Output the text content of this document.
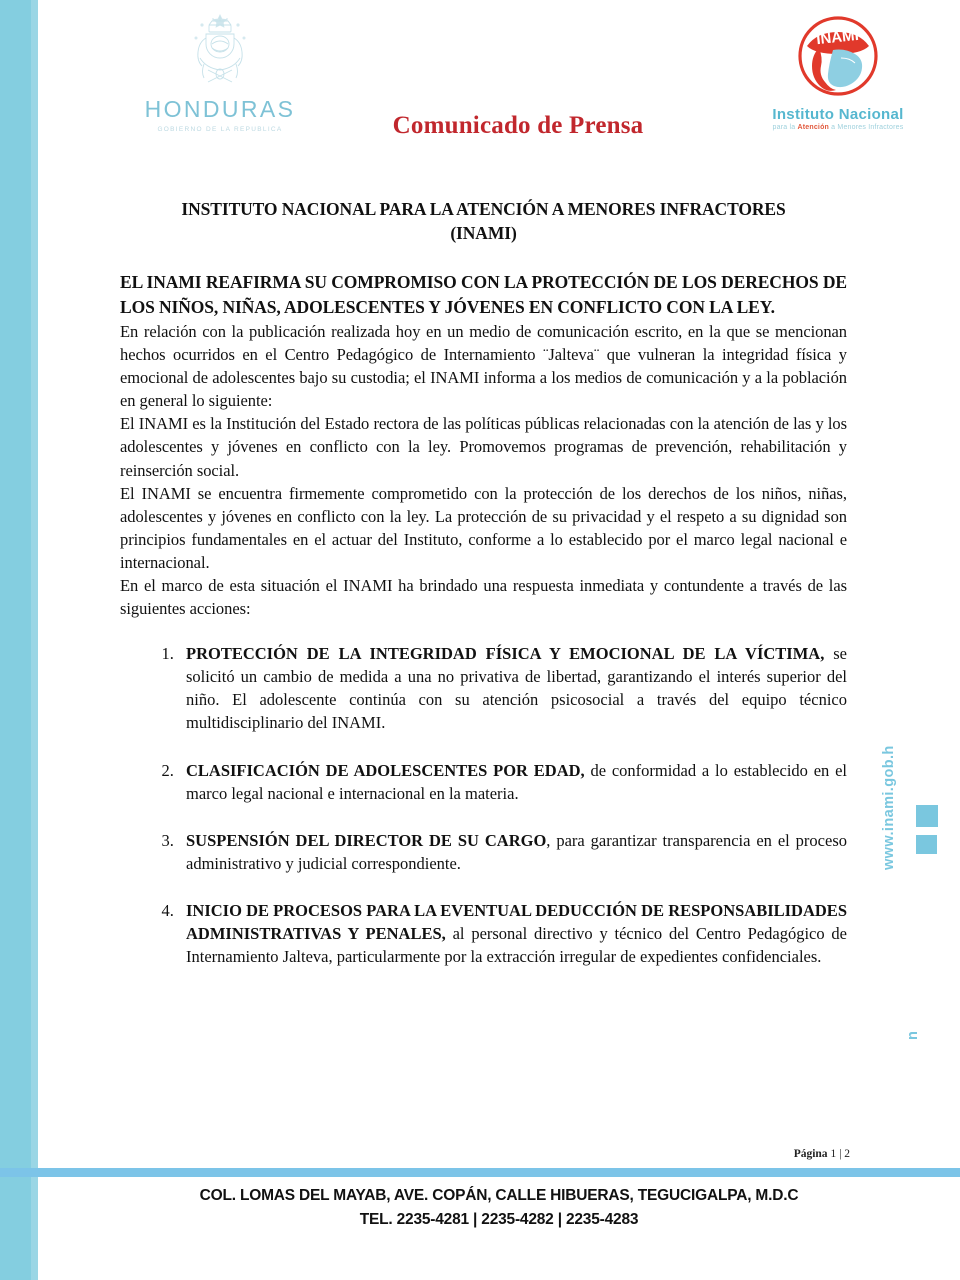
HONDURAS
GOBIERNO DE LA REPUBLICA
INAMI
Instituto Nacional
para la Atención a Menores Infractores
Comunicado de Prensa
INSTITUTO NACIONAL PARA LA ATENCIÓN A MENORES INFRACTORES
(INAMI)
EL INAMI REAFIRMA SU COMPROMISO CON LA PROTECCIÓN DE LOS DERECHOS DE LOS NIÑOS, NIÑAS, ADOLESCENTES Y JÓVENES EN CONFLICTO CON LA LEY.

En relación con la publicación realizada hoy en un medio de comunicación escrito, en la que se mencionan hechos ocurridos en el Centro Pedagógico de Internamiento ¨Jalteva¨ que vulneran la integridad física y emocional de adolescentes bajo su custodia; el INAMI informa a los medios de comunicación y a la población en general lo siguiente:

El INAMI es la Institución del Estado rectora de las políticas públicas relacionadas con la atención de las y los adolescentes y jóvenes en conflicto con la ley. Promovemos programas de prevención, rehabilitación y reinserción social.

El INAMI se encuentra firmemente comprometido con la protección de los derechos de los niños, niñas, adolescentes y jóvenes en conflicto con la ley. La protección de su privacidad y el respeto a su dignidad son principios fundamentales en el actuar del Instituto, conforme a lo establecido por el marco legal nacional e internacional.

En el marco de esta situación el INAMI ha brindado una respuesta inmediata y contundente a través de las siguientes acciones:

1. PROTECCIÓN DE LA INTEGRIDAD FÍSICA Y EMOCIONAL DE LA VÍCTIMA, se solicitó un cambio de medida a una no privativa de libertad, garantizando el interés superior del niño. El adolescente continúa con su atención psicosocial a través del equipo técnico multidisciplinario del INAMI.
2. CLASIFICACIÓN DE ADOLESCENTES POR EDAD, de conformidad a lo establecido en el marco legal nacional e internacional en la materia.
3. SUSPENSIÓN DEL DIRECTOR DE SU CARGO, para garantizar transparencia en el proceso administrativo y judicial correspondiente.
4. INICIO DE PROCESOS PARA LA EVENTUAL DEDUCCIÓN DE RESPONSABILIDADES ADMINISTRATIVAS Y PENALES, al personal directivo y técnico del Centro Pedagógico de Internamiento Jalteva, particularmente por la extracción irregular de expedientes confidenciales.
www.inami.gob.h
n
Página 1 | 2
COL. LOMAS DEL MAYAB, AVE. COPÁN, CALLE HIBUERAS, TEGUCIGALPA, M.D.C
TEL. 2235-4281 | 2235-4282 | 2235-4283
